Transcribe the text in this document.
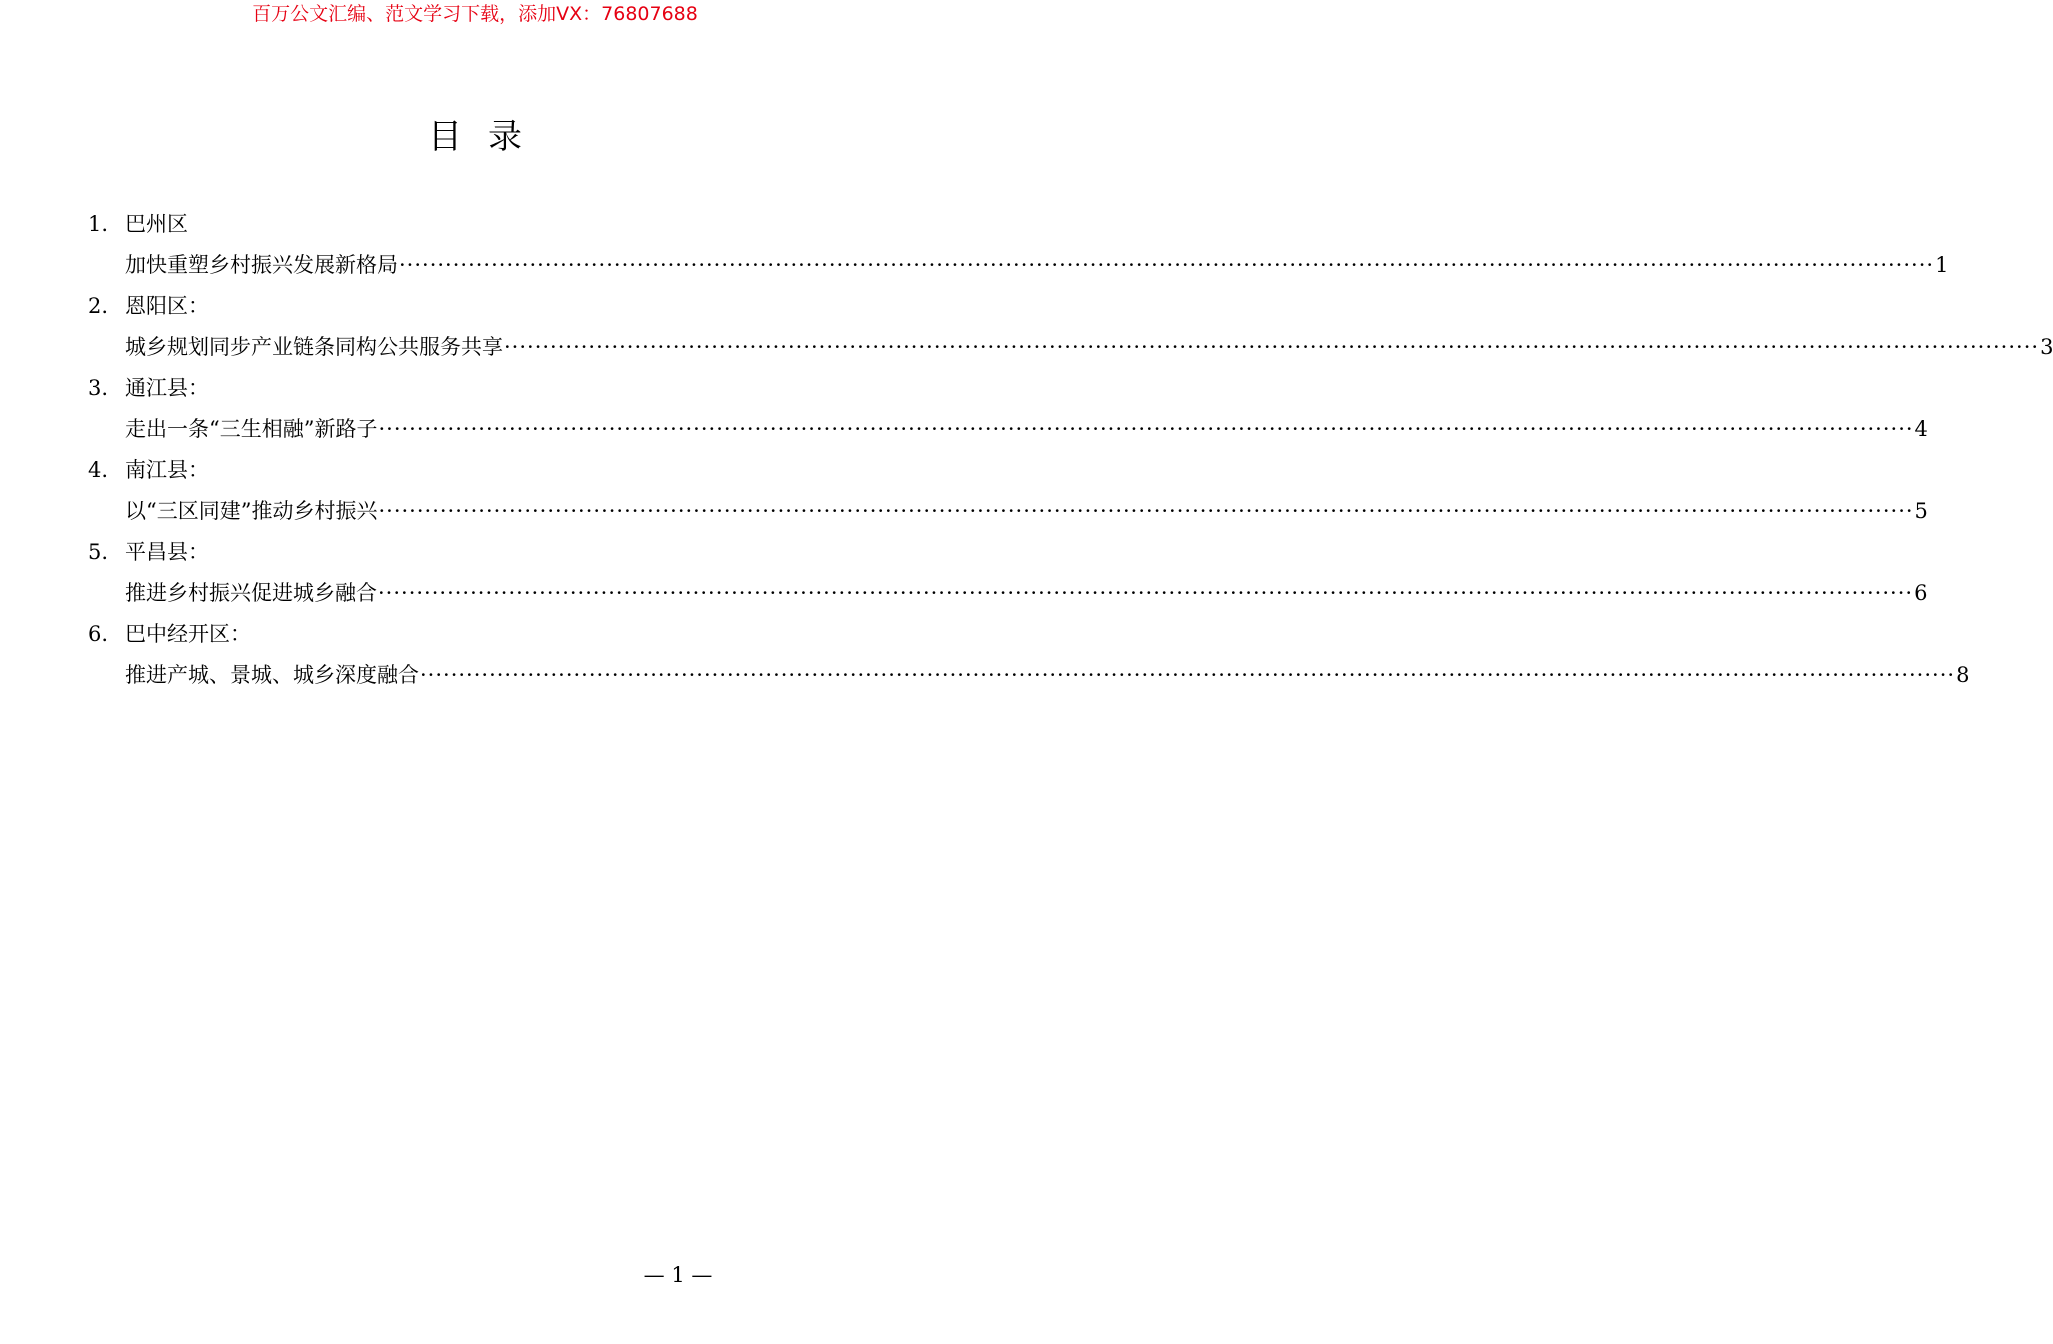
百万公文汇编、范文学习下载，添加VX：76807688
目录
1. 巴州区
加快重塑乡村振兴发展新格局 ········································································································································································································ 1
2. 恩阳区：
城乡规划同步产业链条同构公共服务共享 ········································································································································································································ 3
3. 通江县：
走出一条“三生相融”新路子 ········································································································································································································ 4
4. 南江县：
以“三区同建”推动乡村振兴 ········································································································································································································ 5
5. 平昌县：
推进乡村振兴促进城乡融合 ········································································································································································································ 6
6. 巴中经开区：
推进产城、景城、城乡深度融合 ········································································································································································································ 8
— 1 —
